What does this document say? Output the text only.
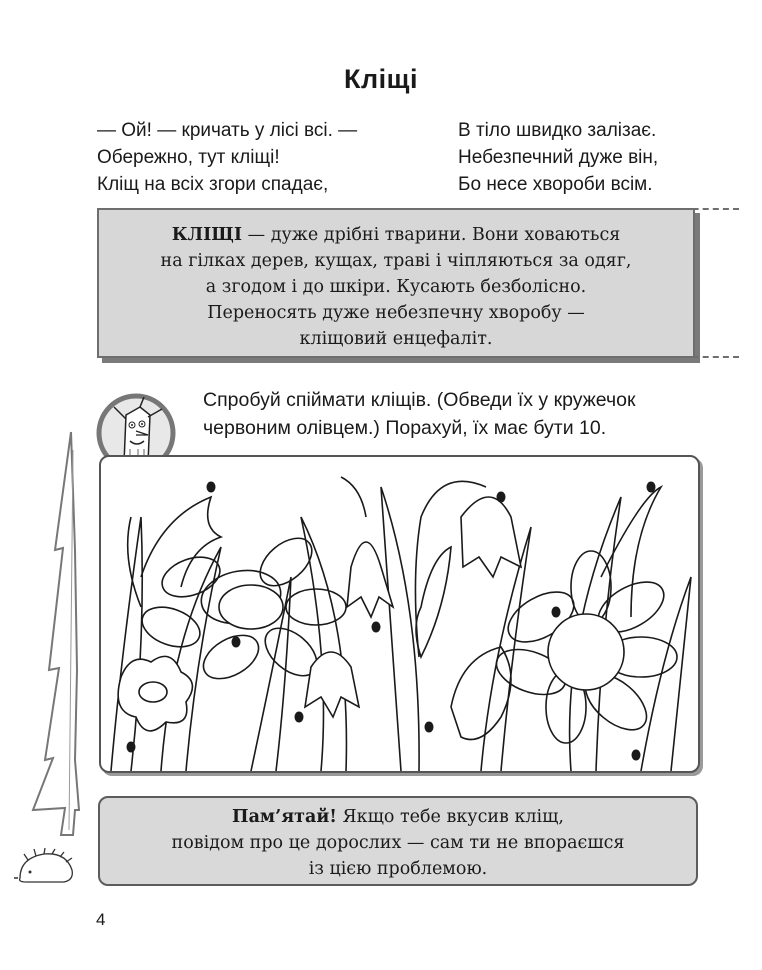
Кліщі
— Ой! — кричать у лісі всі. —
Обережно, тут кліщі!
Кліщ на всіх згори спадає,
В тіло швидко залізає.
Небезпечний дуже він,
Бо несе хвороби всім.
КЛІЩІ — дуже дрібні тварини. Вони ховаються
на гілках дерев, кущах, траві і чіпляються за одяг,
а згодом і до шкіри. Кусають безболісно.
Переносять дуже небезпечну хворобу —
кліщовий енцефаліт.
Спробуй спіймати кліщів. (Обведи їх у кружечок
червоним олівцем.) Порахуй, їх має бути 10.
Пам’ятай! Якщо тебе вкусив кліщ,
повідом про це дорослих — сам ти не впораєшся
із цією проблемою.
4
